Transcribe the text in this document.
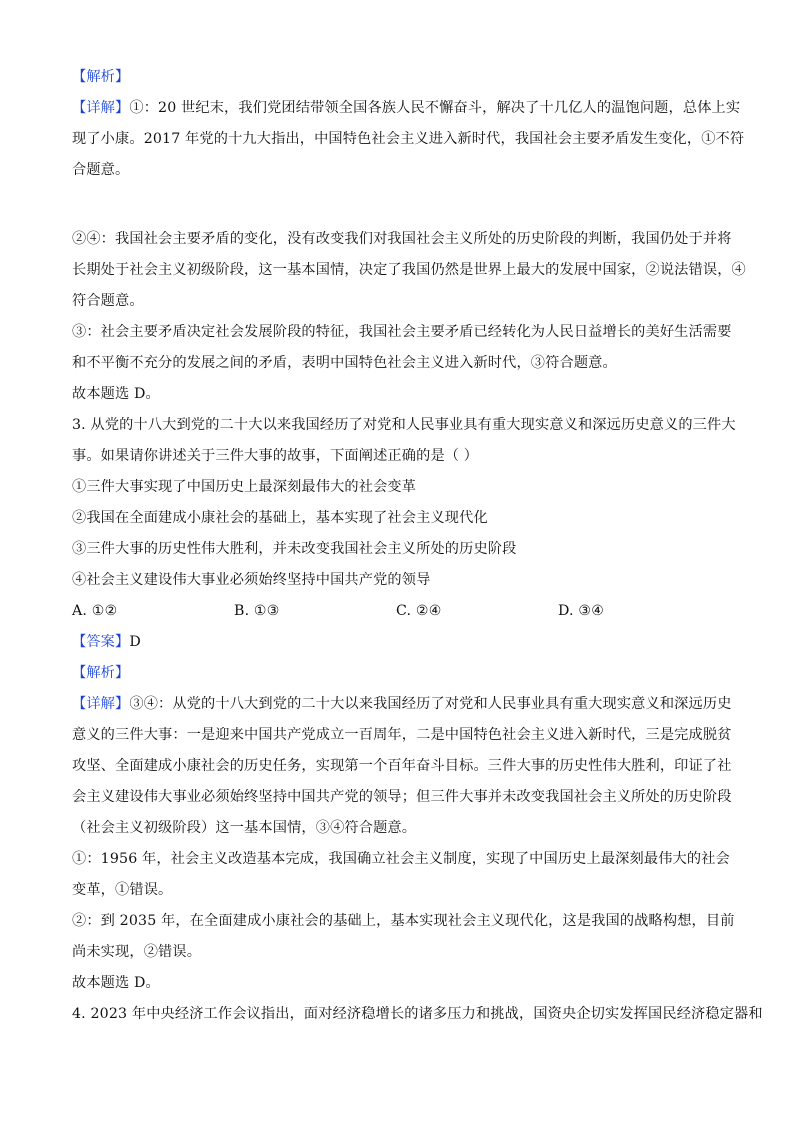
【解析】
【详解】①：20 世纪末，我们党团结带领全国各族人民不懈奋斗，解决了十几亿人的温饱问题，总体上实
现了小康。2017 年党的十九大指出，中国特色社会主义进入新时代，我国社会主要矛盾发生变化，①不符
合题意。
②④：我国社会主要矛盾的变化，没有改变我们对我国社会主义所处的历史阶段的判断，我国仍处于并将
长期处于社会主义初级阶段，这一基本国情，决定了我国仍然是世界上最大的发展中国家，②说法错误，④
符合题意。
③：社会主要矛盾决定社会发展阶段的特征，我国社会主要矛盾已经转化为人民日益增长的美好生活需要
和不平衡不充分的发展之间的矛盾，表明中国特色社会主义进入新时代，③符合题意。
故本题选 D。
3. 从党的十八大到党的二十大以来我国经历了对党和人民事业具有重大现实意义和深远历史意义的三件大
事。如果请你讲述关于三件大事的故事，下面阐述正确的是（ ）
①三件大事实现了中国历史上最深刻最伟大的社会变革
②我国在全面建成小康社会的基础上，基本实现了社会主义现代化
③三件大事的历史性伟大胜利，并未改变我国社会主义所处的历史阶段
④社会主义建设伟大事业必须始终坚持中国共产党的领导
A. ①②	B. ①③	C. ②④	D. ③④
【答案】D
【解析】
【详解】③④：从党的十八大到党的二十大以来我国经历了对党和人民事业具有重大现实意义和深远历史
意义的三件大事：一是迎来中国共产党成立一百周年，二是中国特色社会主义进入新时代，三是完成脱贫
攻坚、全面建成小康社会的历史任务，实现第一个百年奋斗目标。三件大事的历史性伟大胜利，印证了社
会主义建设伟大事业必须始终坚持中国共产党的领导；但三件大事并未改变我国社会主义所处的历史阶段
（社会主义初级阶段）这一基本国情，③④符合题意。
①：1956 年，社会主义改造基本完成，我国确立社会主义制度，实现了中国历史上最深刻最伟大的社会
变革，①错误。
②：到 2035 年，在全面建成小康社会的基础上，基本实现社会主义现代化，这是我国的战略构想，目前
尚未实现，②错误。
故本题选 D。
4. 2023 年中央经济工作会议指出，面对经济稳增长的诸多压力和挑战，国资央企切实发挥国民经济稳定器和
